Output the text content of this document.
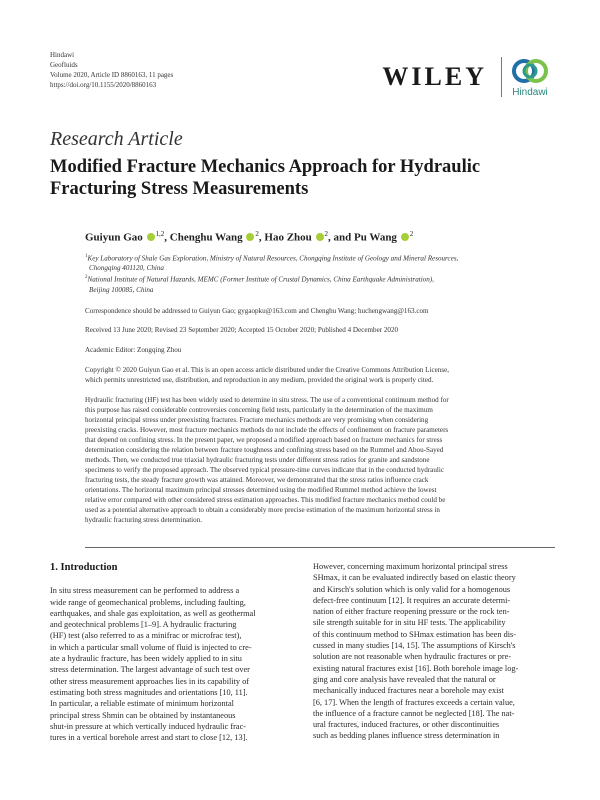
Hindawi
Geofluids
Volume 2020, Article ID 8860163, 11 pages
https://doi.org/10.1155/2020/8860163	WILEY
Hindawi
Research Article
Modified Fracture Mechanics Approach for Hydraulic Fracturing Stress Measurements
Guiyun Gao $^{1,2}$, Chenghu Wang $^2$, Hao Zhou $^2$, and Pu Wang $^2$
$^1$Key Laboratory of Shale Gas Exploration, Ministry of Natural Resources, Chongqing Institute of Geology and Mineral Resources,
Chongqing 401120, China
$^2$National Institute of Natural Hazards, MEMC (Former Institute of Crustal Dynamics, China Earthquake Administration),
Beijing 100085, China
Correspondence should be addressed to Guiyun Gao; gygaopku@163.com and Chenghu Wang; huchengwang@163.com
Received 13 June 2020; Revised 23 September 2020; Accepted 15 October 2020; Published 4 December 2020
Academic Editor: Zongqing Zhou
Copyright © 2020 Guiyun Gao et al. This is an open access article distributed under the Creative Commons Attribution License,
which permits unrestricted use, distribution, and reproduction in any medium, provided the original work is properly cited.
Hydraulic fracturing (HF) test has been widely used to determine in situ stress. The use of a conventional continuum method for
this purpose has raised considerable controversies concerning field tests, particularly in the determination of the maximum
horizontal principal stress under preexisting fractures. Fracture mechanics methods are very promising when considering
preexisting cracks. However, most fracture mechanics methods do not include the effects of confinement on fracture parameters
that depend on confining stress. In the present paper, we proposed a modified approach based on fracture mechanics for stress
determination considering the relation between fracture toughness and confining stress based on the Rummel and Abou-Sayed
methods. Then, we conducted true triaxial hydraulic fracturing tests under different stress ratios for granite and sandstone
specimens to verify the proposed approach. The observed typical pressure-time curves indicate that in the conducted hydraulic
fracturing tests, the steady fracture growth was attained. Moreover, we demonstrated that the stress ratios influence crack
orientations. The horizontal maximum principal stresses determined using the modified Rummel method achieve the lowest
relative error compared with other considered stress estimation approaches. This modified fracture mechanics method could be
used as a potential alternative approach to obtain a considerably more precise estimation of the maximum horizontal stress in
hydraulic fracturing stress determination.
1. Introduction
In situ stress measurement can be performed to address a
wide range of geomechanical problems, including faulting,
earthquakes, and shale gas exploitation, as well as geothermal
and geotechnical problems [1–9]. A hydraulic fracturing
(HF) test (also referred to as a minifrac or microfrac test),
in which a particular small volume of fluid is injected to cre-
ate a hydraulic fracture, has been widely applied to in situ
stress determination. The largest advantage of such test over
other stress measurement approaches lies in its capability of
estimating both stress magnitudes and orientations [10, 11].
In particular, a reliable estimate of minimum horizontal
principal stress Shmin can be obtained by instantaneous
shut-in pressure at which vertically induced hydraulic frac-
tures in a vertical borehole arrest and start to close [12, 13].
However, concerning maximum horizontal principal stress
SHmax, it can be evaluated indirectly based on elastic theory
and Kirsch's solution which is only valid for a homogenous
defect-free continuum [12]. It requires an accurate determi-
nation of either fracture reopening pressure or the rock ten-
sile strength suitable for in situ HF tests. The applicability
of this continuum method to SHmax estimation has been dis-
cussed in many studies [14, 15]. The assumptions of Kirsch's
solution are not reasonable when hydraulic fractures or pre-
existing natural fractures exist [16]. Both borehole image log-
ging and core analysis have revealed that the natural or
mechanically induced fractures near a borehole may exist
[6, 17]. When the length of fractures exceeds a certain value,
the influence of a fracture cannot be neglected [18]. The nat-
ural fractures, induced fractures, or other discontinuities
such as bedding planes influence stress determination in
